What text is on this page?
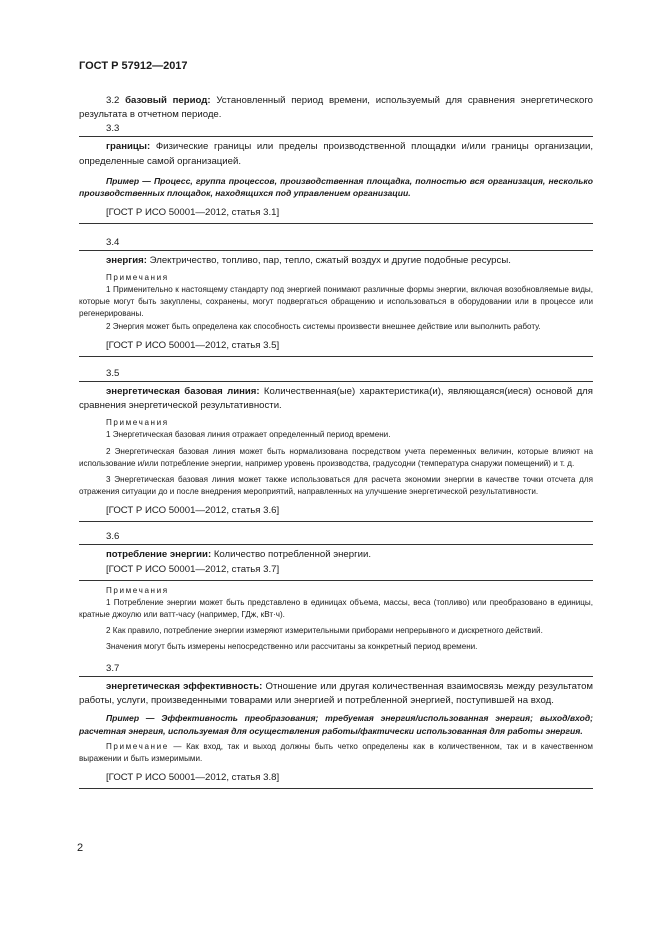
ГОСТ Р 57912—2017

3.2 базовый период: Установленный период времени, используемый для сравнения энергетического результата в отчетном периоде.

3.3

границы: Физические границы или пределы производственной площадки и/или границы организации, определенные самой организацией.

Пример — Процесс, группа процессов, производственная площадка, полностью вся организация, несколько производственных площадок, находящихся под управлением организации.

[ГОСТ Р ИСО 50001—2012, статья 3.1]
3.4

энергия: Электричество, топливо, пар, тепло, сжатый воздух и другие подобные ресурсы.

Примечания

1 Применительно к настоящему стандарту под энергией понимают различные формы энергии, включая возобновляемые виды, которые могут быть закуплены, сохранены, могут подвергаться обращению и использоваться в оборудовании или в процессе или регенерированы.

2 Энергия может быть определена как способность системы произвести внешнее действие или выполнить работу.

[ГОСТ Р ИСО 50001—2012, статья 3.5]
3.5

энергетическая базовая линия: Количественная(ые) характеристика(и), являющаяся(иеся) основой для сравнения энергетической результативности.

Примечания

1 Энергетическая базовая линия отражает определенный период времени.

2 Энергетическая базовая линия может быть нормализована посредством учета переменных величин, которые влияют на использование и/или потребление энергии, например уровень производства, градусодни (температура снаружи помещений) и т. д.

3 Энергетическая базовая линия может также использоваться для расчета экономии энергии в качестве точки отсчета для отражения ситуации до и после внедрения мероприятий, направленных на улучшение энергетической результативности.

[ГОСТ Р ИСО 50001—2012, статья 3.6]
3.6

потребление энергии: Количество потребленной энергии.

[ГОСТ Р ИСО 50001—2012, статья 3.7]

Примечания

1 Потребление энергии может быть представлено в единицах объема, массы, веса (топливо) или преобразовано в единицы, кратные джоулю или ватт-часу (например, ГДж, кВт·ч).

2 Как правило, потребление энергии измеряют измерительными приборами непрерывного и дискретного действий.

Значения могут быть измерены непосредственно или рассчитаны за конкретный период времени.

3.7

энергетическая эффективность: Отношение или другая количественная взаимосвязь между результатом работы, услуги, произведенными товарами или энергией и потребленной энергией, поступившей на вход.

Пример — Эффективность преобразования; требуемая энергия/использованная энергия; выход/вход; расчетная энергия, используемая для осуществления работы/фактически использованная для работы энергия.

Примечание — Как вход, так и выход должны быть четко определены как в количественном, так и в качественном выражении и быть измеримыми.

[ГОСТ Р ИСО 50001—2012, статья 3.8]
2
